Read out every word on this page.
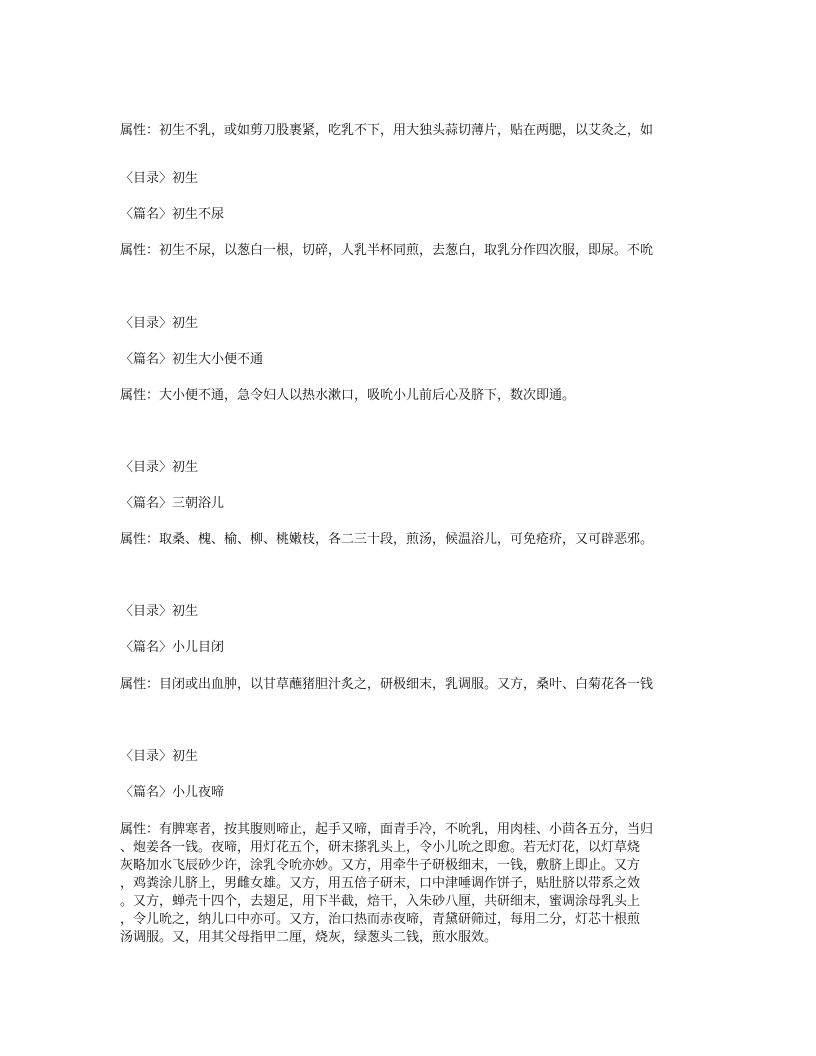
属性：初生不乳，或如剪刀股裹紧，吃乳不下，用大独头蒜切薄片，贴在两腮，以艾灸之，如
〈目录〉初生
〈篇名〉初生不尿
属性：初生不尿，以葱白一根，切碎，人乳半杯同煎，去葱白，取乳分作四次服，即尿。不吮
〈目录〉初生
〈篇名〉初生大小便不通
属性：大小便不通，急令妇人以热水漱口，吸吮小儿前后心及脐下，数次即通。
〈目录〉初生
〈篇名〉三朝浴儿
属性：取桑、槐、榆、柳、桃嫩枝，各二三十段，煎汤，候温浴儿，可免疮疥，又可辟恶邪。
〈目录〉初生
〈篇名〉小儿目闭
属性：目闭或出血肿，以甘草蘸猪胆汁炙之，研极细末，乳调服。又方，桑叶、白菊花各一钱
〈目录〉初生
〈篇名〉小儿夜啼
属性：有脾寒者，按其腹则啼止，起手又啼，面青手冷，不吮乳，用肉桂、小茴各五分，当归
、炮姜各一钱。夜啼，用灯花五个，研末搽乳头上，令小儿吮之即愈。若无灯花，以灯草烧
灰略加水飞辰砂少许，涂乳令吮亦妙。又方，用牵牛子研极细末，一钱，敷脐上即止。又方
，鸡粪涂儿脐上，男雌女雄。又方，用五倍子研末，口中津唾调作饼子，贴肚脐以带系之效
。又方，蝉壳十四个，去翅足，用下半截，焙干，入朱砂八厘，共研细末，蜜调涂母乳头上
，令儿吮之，纳儿口中亦可。又方，治口热而赤夜啼，青黛研筛过，每用二分，灯芯十根煎
汤调服。又，用其父母指甲二厘，烧灰，绿葱头二钱，煎水服效。
